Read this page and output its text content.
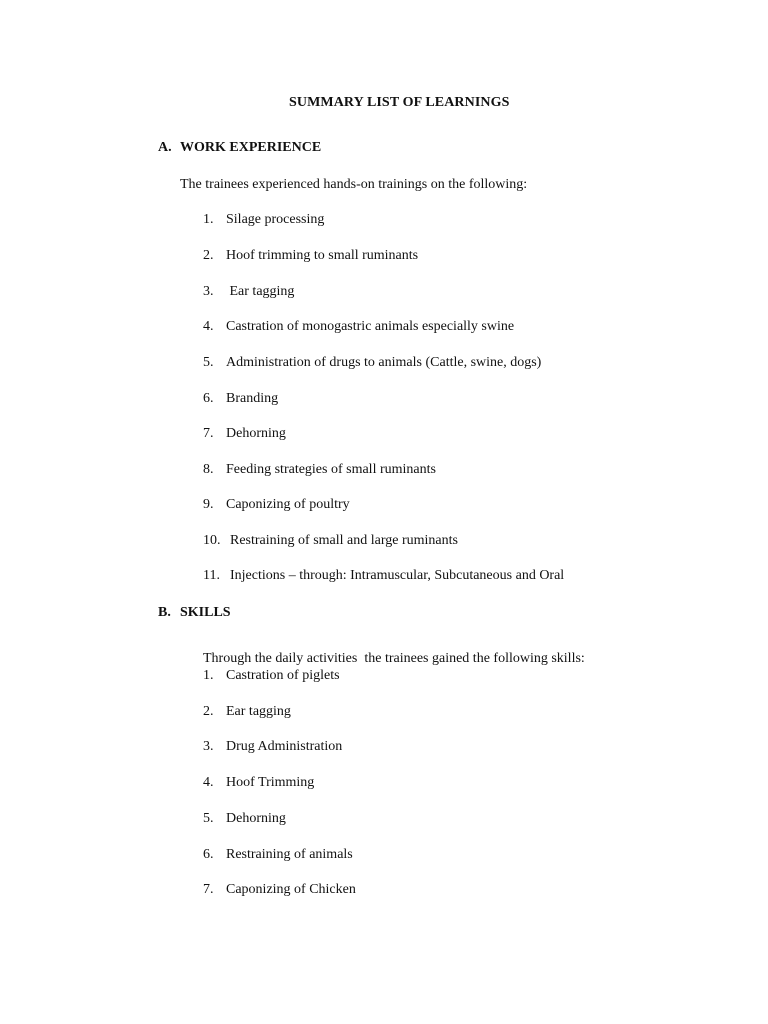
SUMMARY LIST OF LEARNINGS
A. WORK EXPERIENCE
The trainees experienced hands-on trainings on the following:
1. Silage processing
2. Hoof trimming to small ruminants
3. Ear tagging
4. Castration of monogastric animals especially swine
5. Administration of drugs to animals (Cattle, swine, dogs)
6. Branding
7. Dehorning
8. Feeding strategies of small ruminants
9. Caponizing of poultry
10. Restraining of small and large ruminants
11. Injections – through: Intramuscular, Subcutaneous and Oral
B. SKILLS
Through the daily activities  the trainees gained the following skills:
1. Castration of piglets
2. Ear tagging
3. Drug Administration
4. Hoof Trimming
5. Dehorning
6. Restraining of animals
7. Caponizing of Chicken
